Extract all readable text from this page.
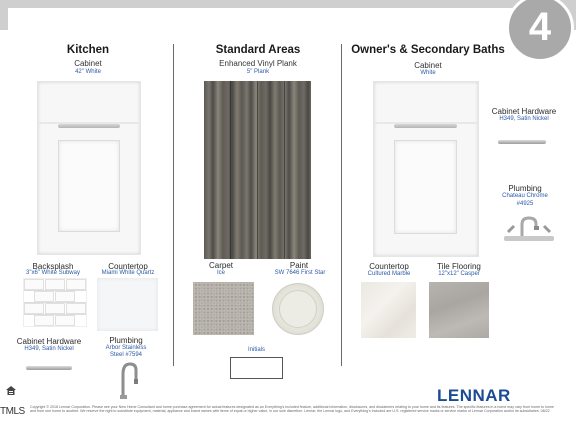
CHOICE 4
Kitchen
Cabinet
42" White
Backsplash
3"x6" White Subway
Countertop
Miami White Quartz
Cabinet Hardware
H349, Satin Nickel
Plumbing
Arbor Stainless
Steel #7594
Standard Areas
Enhanced Vinyl Plank
5" Plank
Carpet
Ice
Paint
SW 7646 First Star
Initials
Owner's & Secondary Baths
Cabinet
White
Cabinet Hardware
H349, Satin Nickel
Plumbing
Chateau Chrome
#4925
Countertop
Cultured Marble
Tile Flooring
12"x12" Casper
LENNAR
TMLS Copyright © 2018 Lennar Corporation. Please see your New Home Consultant and home purchase agreement for actual features designated as an Everything's Included feature, additional information, disclosures, and disclaimers relating to your home and its features. The specific features in a home may vary from home to home and from one home to another. We reserve the right to substitute equipment, material, appliance and brand names with items of equal or higher value, in our sole discretion. Lennar, the Lennar logo, and Everything's Included are U.S. registered service marks or service marks of Lennar Corporation and/or its subsidiaries. 08/22
